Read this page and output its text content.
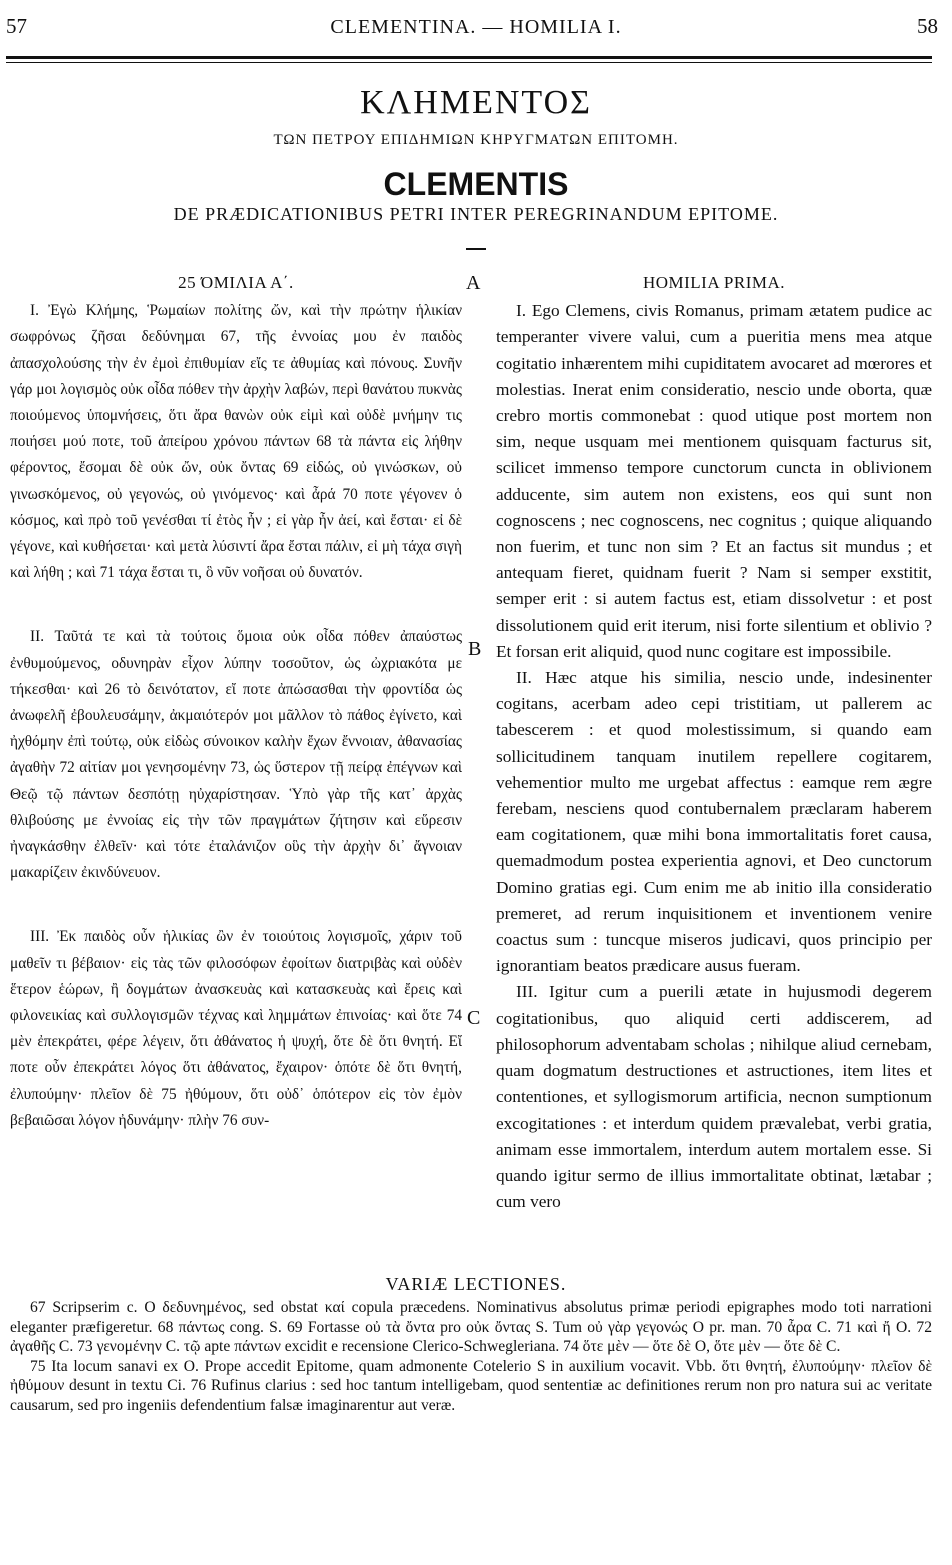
57	CLEMENTINA. — HOMILIA I.	58
ΚΛΗΜΕΝΤΟΣ
ΤΩΝ ΠΕΤΡΟΥ ΕΠΙΔΗΜΙΩΝ ΚΗΡΥΓΜΑΤΩΝ ΕΠΙΤΟΜΗ.
CLEMENTIS
DE PRÆDICATIONIBUS PETRI INTER PEREGRINANDUM EPITOME.
A
B
C
25 ΌΜΙΛΙΑ Α΄.

I. Ἐγὼ Κλήμης, Ῥωμαίων πολίτης ὤν, καὶ τὴν πρώτην ἡλικίαν σωφρόνως ζῆσαι δεδύνημαι 67, τῆς ἐννοίας μου ἐν παιδὸς ἀπασχολούσης τὴν ἐν ἐμοὶ ἐπιθυμίαν εἴς τε ἀθυμίας καὶ πόνους. Συνῆν γάρ μοι λογισμὸς οὐκ οἶδα πόθεν τὴν ἀρχὴν λαβών, περὶ θανάτου πυκνὰς ποιούμενος ὑπομνήσεις, ὅτι ἄρα θανὼν οὐκ εἰμὶ καὶ οὐδὲ μνήμην τις ποιήσει μού ποτε, τοῦ ἀπείρου χρόνου πάντων 68 τὰ πάντα εἰς λήθην φέροντος, ἔσομαι δὲ οὐκ ὤν, οὐκ ὄντας 69 εἰδώς, οὐ γινώσκων, οὐ γινωσκόμενος, οὐ γεγονώς, οὐ γινόμενος· καὶ ἆρά 70 ποτε γέγονεν ὁ κόσμος, καὶ πρὸ τοῦ γενέσθαι τί ἐτὸς ἦν ; εἰ γὰρ ἦν ἀεί, καὶ ἔσται· εἰ δὲ γέγονε, καὶ κυθήσεται· καὶ μετὰ λύσιντί ἄρα ἔσται πάλιν, εἰ μὴ τάχα σιγὴ καὶ λήθη ; καὶ 71 τάχα ἔσται τι, ὃ νῦν νοῆσαι οὐ δυνατόν.

II. Ταῦτά τε καὶ τὰ τούτοις ὅμοια οὐκ οἶδα πόθεν ἀπαύστως ἐνθυμούμενος, οδυνηρὰν εἶχον λύπην τοσοῦτον, ὡς ὠχριακότα με τήκεσθαι· καὶ 26 τὸ δεινότατον, εἴ ποτε ἀπώσασθαι τὴν φροντίδα ὡς ἀνωφελῆ ἐβουλευσάμην, ἀκμαιότερόν μοι μᾶλλον τὸ πάθος ἐγίνετο, καὶ ἠχθόμην ἐπὶ τούτῳ, οὐκ εἰδὼς σύνοικον καλὴν ἔχων ἔννοιαν, ἀθανασίας ἀγαθὴν 72 αἰτίαν μοι γενησομένην 73, ὡς ὕστερον τῇ πείρᾳ ἐπέγνων καὶ Θεῷ τῷ πάντων δεσπότῃ ηὐχαρίστησαν. Ὑπὸ γὰρ τῆς κατ᾽ ἀρχὰς θλιβούσης με ἐννοίας εἰς τὴν τῶν πραγμάτων ζήτησιν καὶ εὕρεσιν ἠναγκάσθην ἐλθεῖν· καὶ τότε ἐταλάνιζον οὓς τὴν ἀρχὴν δι᾽ ἄγνοιαν μακαρίζειν ἐκινδύνευον.

III. Ἐκ παιδὸς οὖν ἡλικίας ὢν ἐν τοιούτοις λογισμοῖς, χάριν τοῦ μαθεῖν τι βέβαιον· εἰς τὰς τῶν φιλοσόφων ἐφοίτων διατριβὰς καὶ οὐδὲν ἕτερον ἑώρων, ἢ δογμάτων ἀνασκευὰς καὶ κατασκευὰς καὶ ἔρεις καὶ φιλονεικίας καὶ συλλογισμῶν τέχνας καὶ λημμάτων ἐπινοίας· καὶ ὅτε 74 μὲν ἐπεκράτει, φέρε λέγειν, ὅτι ἀθάνατος ἡ ψυχή, ὅτε δὲ ὅτι θνητή. Εἴ ποτε οὖν ἐπεκράτει λόγος ὅτι ἀθάνατος, ἔχαιρον· ὁπότε δὲ ὅτι θνητή, ἐλυπούμην· πλεῖον δὲ 75 ἠθύμουν, ὅτι οὐδ᾽ ὁπότερον εἰς τὸν ἐμὸν βεβαιῶσαι λόγον ἠδυνάμην· πλὴν 76 συν-

HOMILIA PRIMA.

I. Ego Clemens, civis Romanus, primam ætatem pudice ac temperanter vivere valui, cum a pueritia mens mea atque cogitatio inhærentem mihi cupiditatem avocaret ad mœrores et molestias. Inerat enim consideratio, nescio unde oborta, quæ crebro mortis commonebat : quod utique post mortem non sim, neque usquam mei mentionem quisquam facturus sit, scilicet immenso tempore cunctorum cuncta in oblivionem adducente, sim autem non existens, eos qui sunt non cognoscens ; nec cognoscens, nec cognitus ; quique aliquando non fuerim, et tunc non sim ? Et an factus sit mundus ; et antequam fieret, quidnam fuerit ? Nam si semper exstitit, semper erit : si autem factus est, etiam dissolvetur : et post dissolutionem quid erit iterum, nisi forte silentium et oblivio ? Et forsan erit aliquid, quod nunc cogitare est impossibile.

II. Hæc atque his similia, nescio unde, indesinenter cogitans, acerbam adeo cepi tristitiam, ut pallerem ac tabescerem : et quod molestissimum, si quando eam sollicitudinem tanquam inutilem repellere cogitarem, vehementior multo me urgebat affectus : eamque rem ægre ferebam, nesciens quod contubernalem præclaram haberem eam cogitationem, quæ mihi bona immortalitatis foret causa, quemadmodum postea experientia agnovi, et Deo cunctorum Domino gratias egi. Cum enim me ab initio illa consideratio premeret, ad rerum inquisitionem et inventionem venire coactus sum : tuncque miseros judicavi, quos principio per ignorantiam beatos prædicare ausus fueram.

III. Igitur cum a puerili ætate in hujusmodi degerem cogitationibus, quo aliquid certi addiscerem, ad philosophorum adventabam scholas ; nihilque aliud cernebam, quam dogmatum destructiones et astructiones, item lites et contentiones, et syllogismorum artificia, necnon sumptionum excogitationes : et interdum quidem prævalebat, verbi gratia, animam esse immortalem, interdum autem mortalem esse. Si quando igitur sermo de illius immortalitate obtinat, lætabar ; cum vero

VARIÆ LECTIONES.

67 Scripserim c. O δεδυνημένος, sed obstat καί copula præcedens. Nominativus absolutus primæ periodi epigraphes modo toti narrationi eleganter præfigeretur. 68 πάντως cong. S. 69 Fortasse οὐ τὰ ὄντα pro οὐκ ὄντας S. Tum οὐ γὰρ γεγονώς O pr. man. 70 ἆρα C. 71 καὶ ἤ O. 72 ἀγαθῆς C. 73 γενομένην C. τῷ apte πάντων excidit e recensione Clerico-Schwegleriana. 74 ὅτε μὲν — ὅτε δὲ O, ὅτε μὲν — ὅτε δὲ C.

75 Ita locum sanavi ex O. Prope accedit Epitome, quam admonente Cotelerio S in auxilium vocavit. Vbb. ὅτι θνητή, ἐλυπούμην· πλεῖον δὲ ἠθύμουν desunt in textu Ci. 76 Rufinus clarius : sed hoc tantum intelligebam, quod sententiæ ac definitiones rerum non pro natura sui ac veritate causarum, sed pro ingeniis defendentium falsæ imaginarentur aut veræ.
